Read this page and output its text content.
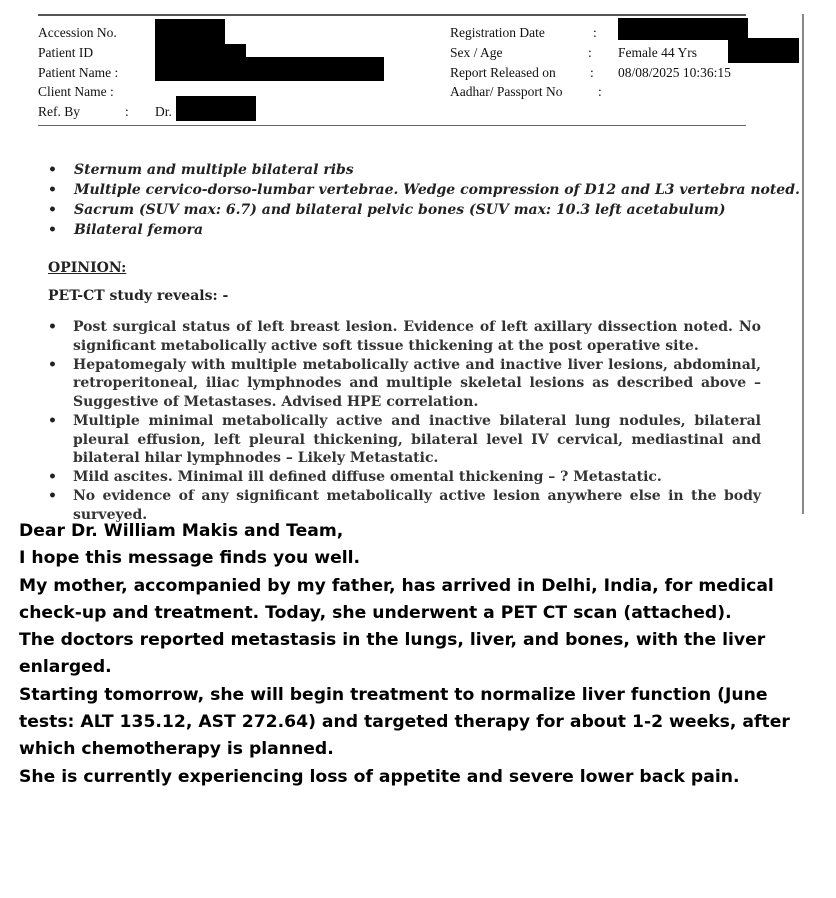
Accession No.
Patient ID
Patient Name :
Client Name :
Ref. By	: Dr.
Registration Date
Sex / Age
Report Released on
Aadhar/ Passport No
:
:
:
:
Female 44 Yrs
08/08/2025 10:36:15
• Sternum and multiple bilateral ribs
• Multiple cervico-dorso-lumbar vertebrae. Wedge compression of D12 and L3 vertebra noted.
• Sacrum (SUV max: 6.7) and bilateral pelvic bones (SUV max: 10.3 left acetabulum)
• Bilateral femora
OPINION:
PET-CT study reveals: -
• Post surgical status of left breast lesion. Evidence of left axillary dissection noted. No significant metabolically active soft tissue thickening at the post operative site.
• Hepatomegaly with multiple metabolically active and inactive liver lesions, abdominal, retroperitoneal, iliac lymphnodes and multiple skeletal lesions as described above – Suggestive of Metastases. Advised HPE correlation.
• Multiple minimal metabolically active and inactive bilateral lung nodules, bilateral pleural effusion, left pleural thickening, bilateral level IV cervical, mediastinal and bilateral hilar lymphnodes – Likely Metastatic.
• Mild ascites. Minimal ill defined diffuse omental thickening – ? Metastatic.
• No evidence of any significant metabolically active lesion anywhere else in the body surveyed.

Dear Dr. William Makis and Team,

I hope this message finds you well.

My mother, accompanied by my father, has arrived in Delhi, India, for medical check-up and treatment. Today, she underwent a PET CT scan (attached).

The doctors reported metastasis in the lungs, liver, and bones, with the liver enlarged.

Starting tomorrow, she will begin treatment to normalize liver function (June tests: ALT 135.12, AST 272.64) and targeted therapy for about 1-2 weeks, after which chemotherapy is planned.

She is currently experiencing loss of appetite and severe lower back pain.
